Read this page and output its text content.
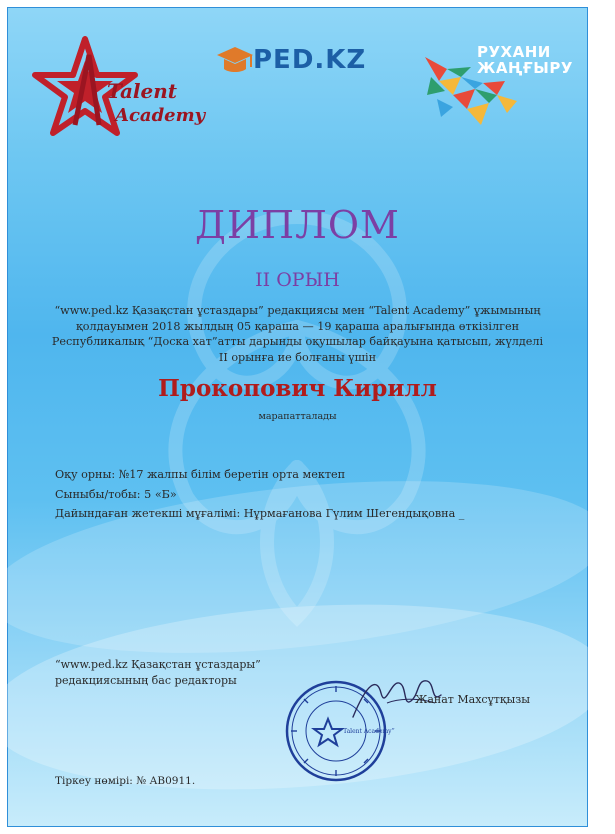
Talent
Academy
PED.KZ	РУХАНИ
ЖАҢҒЫРУ
ДИПЛОМ
II ОРЫН
“www.ped.kz Қазақстан ұстаздары” редакциясы мен “Talent Academy” ұжымының
қолдауымен 2018 жылдың 05 қараша — 19 қараша аралығында өткізілген
Республикалық “Доска хат”атты дарынды оқушылар байқауына қатысып, жүлделі
II орынға ие болғаны үшін
Прокопович Кирилл
марапатталады
Оқу орны: №17 жалпы білім беретін орта мектеп
Сыныбы/тобы: 5 «Б»
Дайындаған жетекші мұғалімі: Нұрмағанова Гүлим Шегендықовна _
“www.ped.kz Қазақстан ұстаздары”
редакциясының бас редакторы
“Talent Academy”
Жанат Махсұтқызы
Тіркеу нөмірі: № АВ0911.
